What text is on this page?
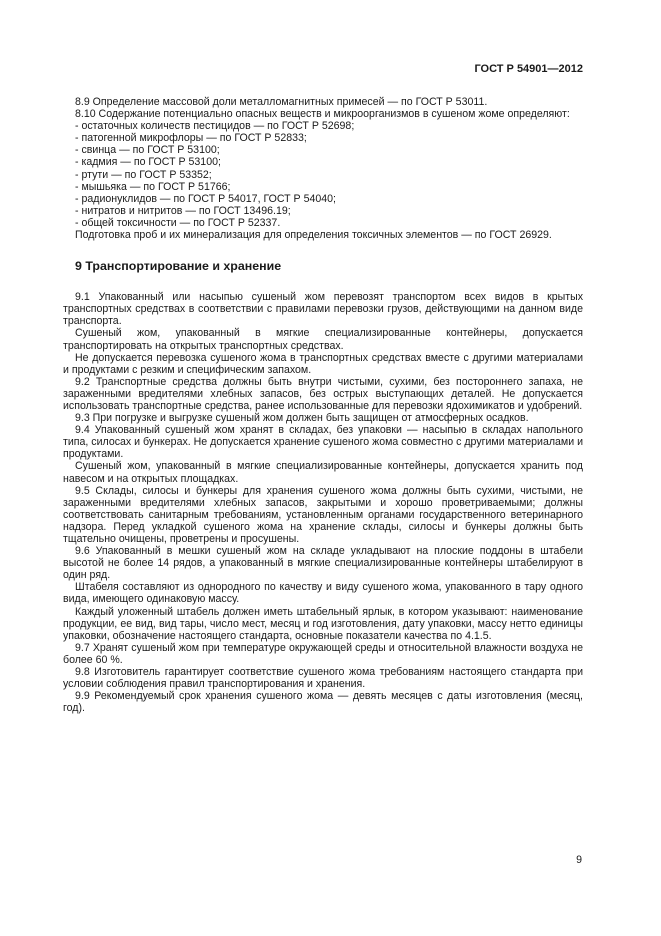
ГОСТ Р 54901—2012

8.9 Определение массовой доли металломагнитных примесей — по ГОСТ Р 53011.

8.10 Содержание потенциально опасных веществ и микроорганизмов в сушеном жоме определяют:

- остаточных количеств пестицидов — по ГОСТ Р 52698;
- патогенной микрофлоры — по ГОСТ Р 52833;
- свинца — по ГОСТ Р 53100;
- кадмия — по ГОСТ Р 53100;
- ртути — по ГОСТ Р 53352;
- мышьяка — по ГОСТ Р 51766;
- радионуклидов — по ГОСТ Р 54017, ГОСТ Р 54040;
- нитратов и нитритов — по ГОСТ 13496.19;
- общей токсичности — по ГОСТ Р 52337.

Подготовка проб и их минерализация для определения токсичных элементов — по ГОСТ 26929.

9 Транспортирование и хранение

9.1 Упакованный или насыпью сушеный жом перевозят транспортом всех видов в крытых транспортных средствах в соответствии с правилами перевозки грузов, действующими на данном виде транспорта.

Сушеный жом, упакованный в мягкие специализированные контейнеры, допускается транспортировать на открытых транспортных средствах.

Не допускается перевозка сушеного жома в транспортных средствах вместе с другими материалами и продуктами с резким и специфическим запахом.

9.2 Транспортные средства должны быть внутри чистыми, сухими, без постороннего запаха, не зараженными вредителями хлебных запасов, без острых выступающих деталей. Не допускается использовать транспортные средства, ранее использованные для перевозки ядохимикатов и удобрений.

9.3 При погрузке и выгрузке сушеный жом должен быть защищен от атмосферных осадков.

9.4 Упакованный сушеный жом хранят в складах, без упаковки — насыпью в складах напольного типа, силосах и бункерах. Не допускается хранение сушеного жома совместно с другими материалами и продуктами.

Сушеный жом, упакованный в мягкие специализированные контейнеры, допускается хранить под навесом и на открытых площадках.

9.5 Склады, силосы и бункеры для хранения сушеного жома должны быть сухими, чистыми, не зараженными вредителями хлебных запасов, закрытыми и хорошо проветриваемыми; должны соответствовать санитарным требованиям, установленным органами государственного ветеринарного надзора. Перед укладкой сушеного жома на хранение склады, силосы и бункеры должны быть тщательно очищены, проветрены и просушены.

9.6 Упакованный в мешки сушеный жом на складе укладывают на плоские поддоны в штабели высотой не более 14 рядов, а упакованный в мягкие специализированные контейнеры штабелируют в один ряд.

Штабеля составляют из однородного по качеству и виду сушеного жома, упакованного в тару одного вида, имеющего одинаковую массу.

Каждый уложенный штабель должен иметь штабельный ярлык, в котором указывают: наименование продукции, ее вид, вид тары, число мест, месяц и год изготовления, дату упаковки, массу нетто единицы упаковки, обозначение настоящего стандарта, основные показатели качества по 4.1.5.

9.7 Хранят сушеный жом при температуре окружающей среды и относительной влажности воздуха не более 60 %.

9.8 Изготовитель гарантирует соответствие сушеного жома требованиям настоящего стандарта при условии соблюдения правил транспортирования и хранения.

9.9 Рекомендуемый срок хранения сушеного жома — девять месяцев с даты изготовления (месяц, год).

9
